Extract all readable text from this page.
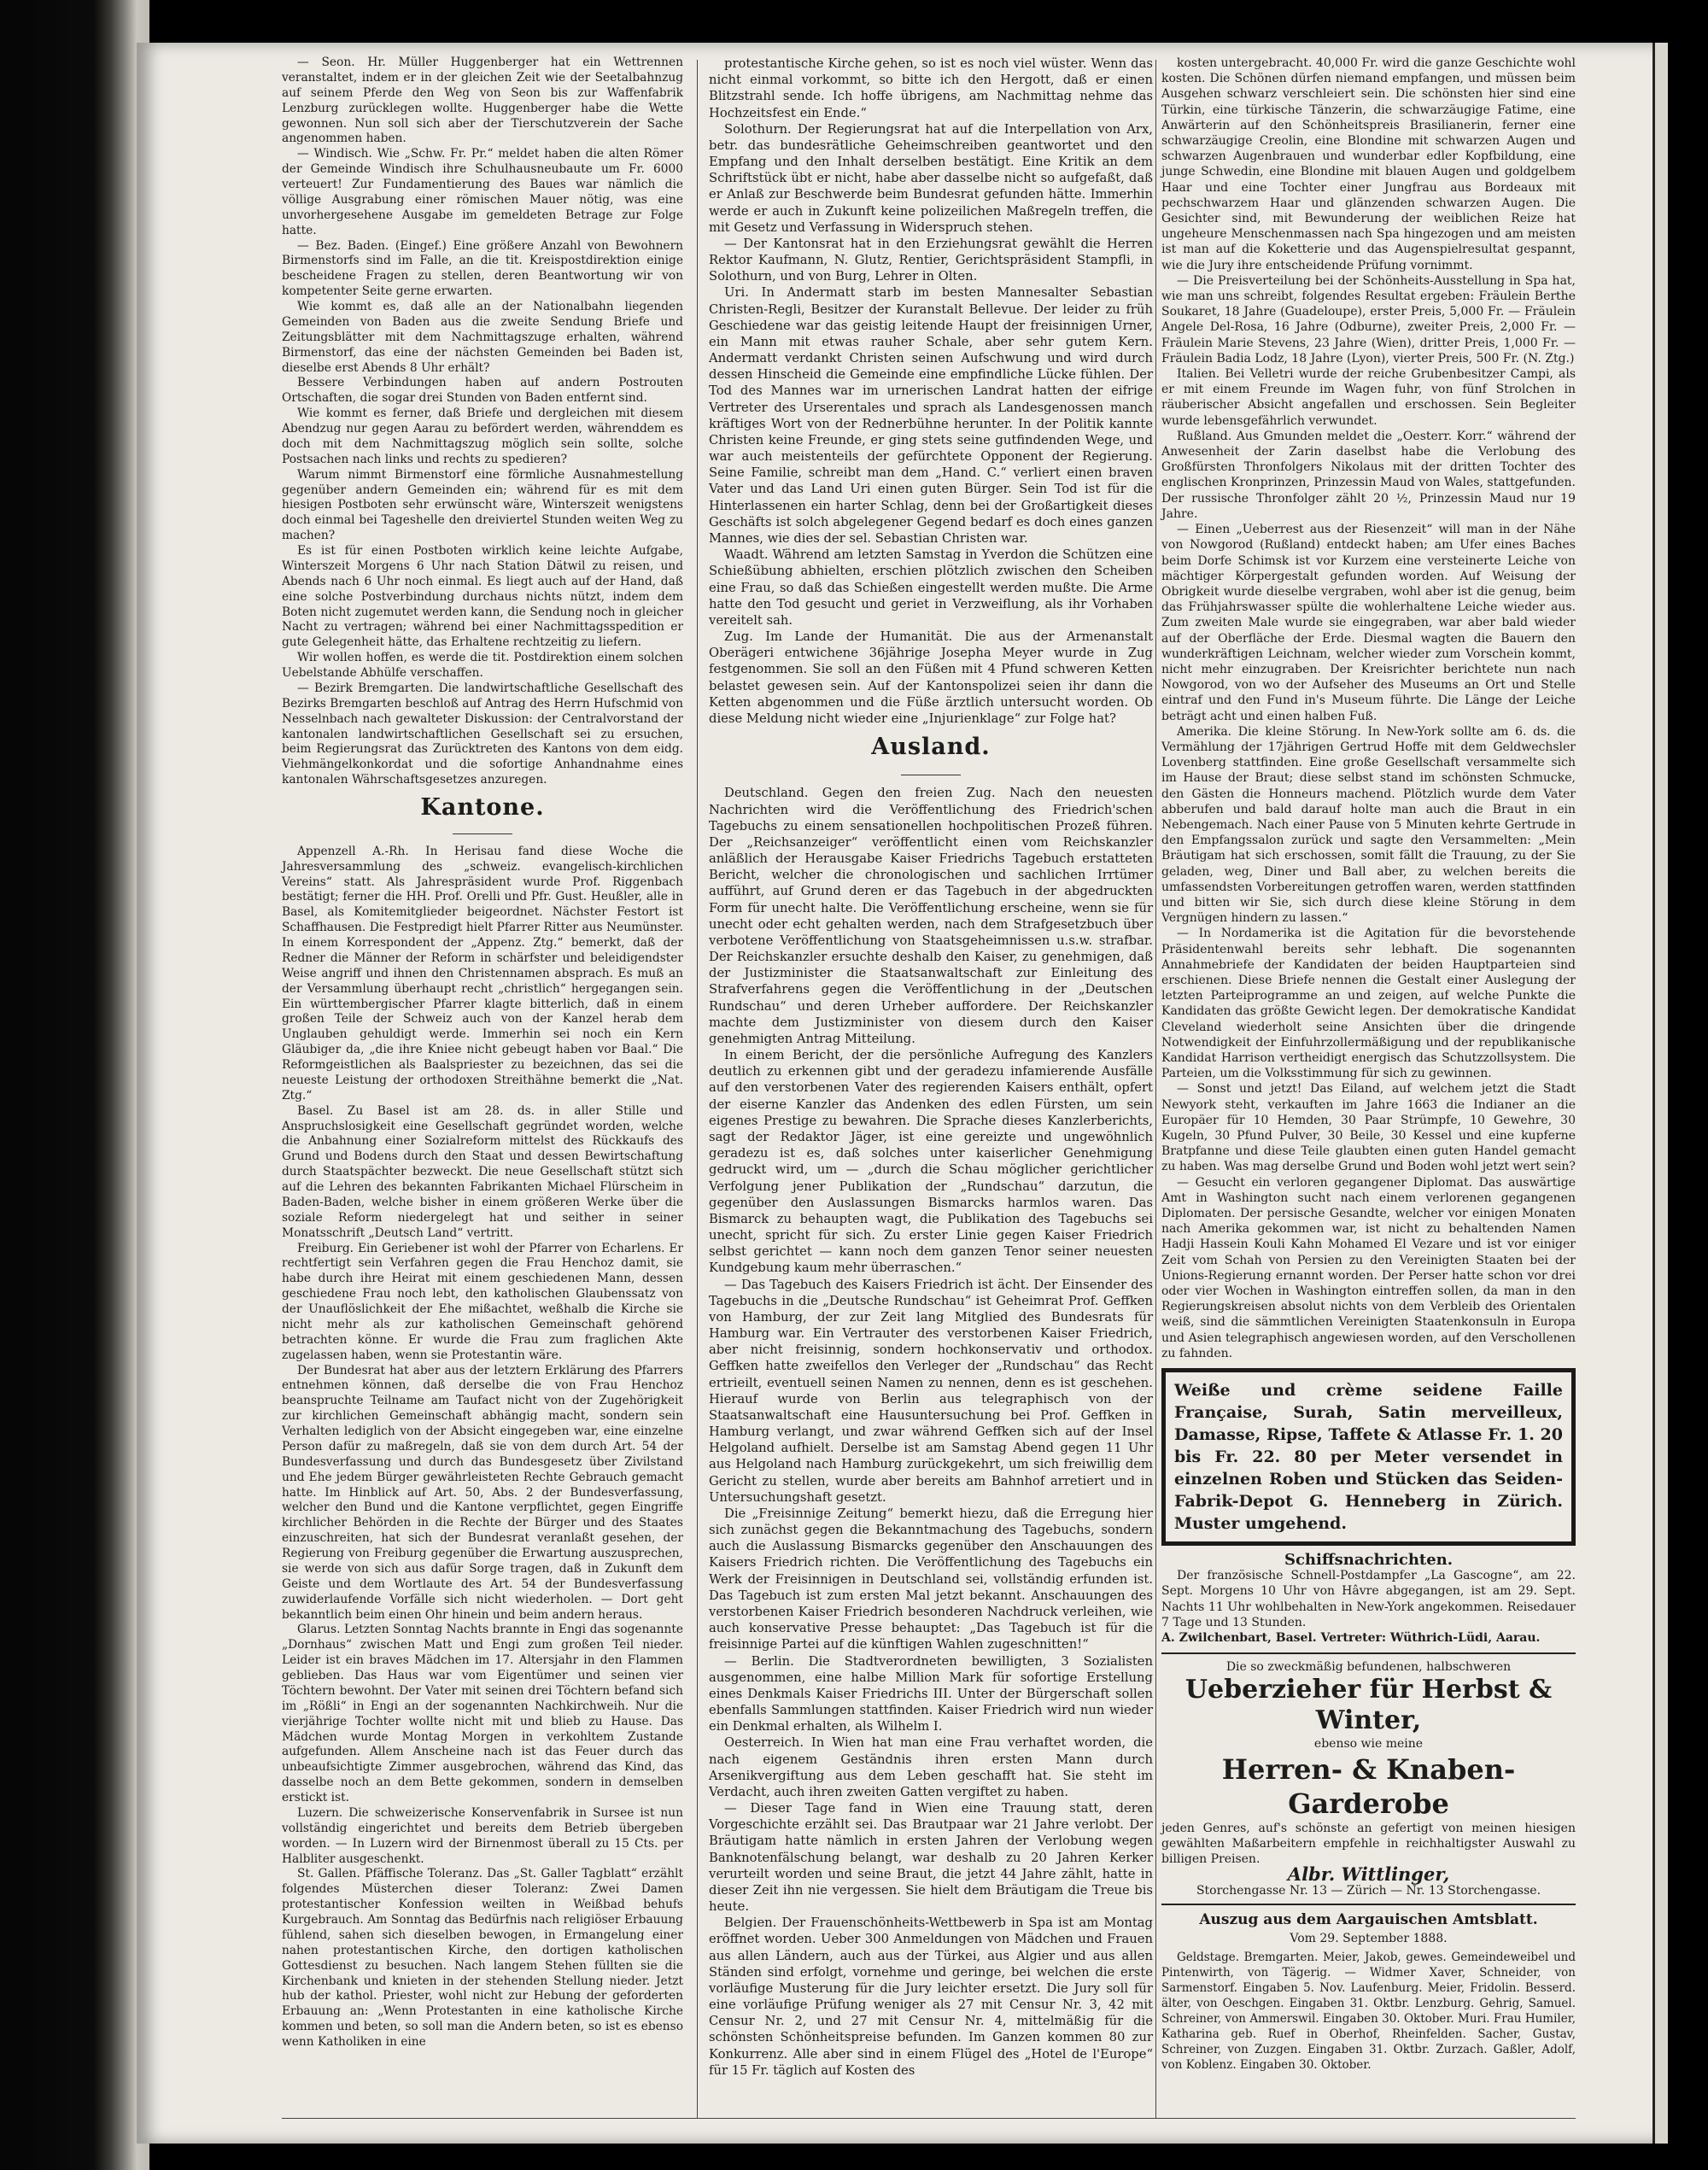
— Seon. Hr. Müller Huggenberger hat ein Wettrennen veranstaltet, indem er in der gleichen Zeit wie der Seetalbahnzug auf seinem Pferde den Weg von Seon bis zur Waffenfabrik Lenzburg zurücklegen wollte. Huggenberger habe die Wette gewonnen. Nun soll sich aber der Tierschutzverein der Sache angenommen haben.

— Windisch. Wie „Schw. Fr. Pr.“ meldet haben die alten Römer der Gemeinde Windisch ihre Schulhausneubaute um Fr. 6000 verteuert! Zur Fundamentierung des Baues war nämlich die völlige Ausgrabung einer römischen Mauer nötig, was eine unvorhergesehene Ausgabe im gemeldeten Betrage zur Folge hatte.

— Bez. Baden. (Eingef.) Eine größere Anzahl von Bewohnern Birmenstorfs sind im Falle, an die tit. Kreispostdirektion einige bescheidene Fragen zu stellen, deren Beantwortung wir von kompetenter Seite gerne erwarten.

Wie kommt es, daß alle an der Nationalbahn liegenden Gemeinden von Baden aus die zweite Sendung Briefe und Zeitungsblätter mit dem Nachmittagszuge erhalten, während Birmenstorf, das eine der nächsten Gemeinden bei Baden ist, dieselbe erst Abends 8 Uhr erhält?

Bessere Verbindungen haben auf andern Postrouten Ortschaften, die sogar drei Stunden von Baden entfernt sind.

Wie kommt es ferner, daß Briefe und dergleichen mit diesem Abendzug nur gegen Aarau zu befördert werden, währenddem es doch mit dem Nachmittagszug möglich sein sollte, solche Postsachen nach links und rechts zu spedieren?

Warum nimmt Birmenstorf eine förmliche Ausnahmestellung gegenüber andern Gemeinden ein; während für es mit dem hiesigen Postboten sehr erwünscht wäre, Winterszeit wenigstens doch einmal bei Tageshelle den dreiviertel Stunden weiten Weg zu machen?

Es ist für einen Postboten wirklich keine leichte Aufgabe, Winterszeit Morgens 6 Uhr nach Station Dätwil zu reisen, und Abends nach 6 Uhr noch einmal. Es liegt auch auf der Hand, daß eine solche Postverbindung durchaus nichts nützt, indem dem Boten nicht zugemutet werden kann, die Sendung noch in gleicher Nacht zu vertragen; während bei einer Nachmittagsspedition er gute Gelegenheit hätte, das Erhaltene rechtzeitig zu liefern.

Wir wollen hoffen, es werde die tit. Postdirektion einem solchen Uebelstande Abhülfe verschaffen.

— Bezirk Bremgarten. Die landwirtschaftliche Gesellschaft des Bezirks Bremgarten beschloß auf Antrag des Herrn Hufschmid von Nesselnbach nach gewalteter Diskussion: der Centralvorstand der kantonalen landwirtschaftlichen Gesellschaft sei zu ersuchen, beim Regierungsrat das Zurücktreten des Kantons von dem eidg. Viehmängelkonkordat und die sofortige Anhandnahme eines kantonalen Währschaftsgesetzes anzuregen.

Kantone.

Appenzell A.-Rh. In Herisau fand diese Woche die Jahresversammlung des „schweiz. evangelisch-kirchlichen Vereins“ statt. Als Jahrespräsident wurde Prof. Riggenbach bestätigt; ferner die HH. Prof. Orelli und Pfr. Gust. Heußler, alle in Basel, als Komitemitglieder beigeordnet. Nächster Festort ist Schaffhausen. Die Festpredigt hielt Pfarrer Ritter aus Neumünster. In einem Korrespondent der „Appenz. Ztg.“ bemerkt, daß der Redner die Männer der Reform in schärfster und beleidigendster Weise angriff und ihnen den Christennamen absprach. Es muß an der Versammlung überhaupt recht „christlich“ hergegangen sein. Ein württembergischer Pfarrer klagte bitterlich, daß in einem großen Teile der Schweiz auch von der Kanzel herab dem Unglauben gehuldigt werde. Immerhin sei noch ein Kern Gläubiger da, „die ihre Kniee nicht gebeugt haben vor Baal.“ Die Reformgeistlichen als Baalspriester zu bezeichnen, das sei die neueste Leistung der orthodoxen Streithähne bemerkt die „Nat. Ztg.“

Basel. Zu Basel ist am 28. ds. in aller Stille und Anspruchslosigkeit eine Gesellschaft gegründet worden, welche die Anbahnung einer Sozialreform mittelst des Rückkaufs des Grund und Bodens durch den Staat und dessen Bewirtschaftung durch Staatspächter bezweckt. Die neue Gesellschaft stützt sich auf die Lehren des bekannten Fabrikanten Michael Flürscheim in Baden-Baden, welche bisher in einem größeren Werke über die soziale Reform niedergelegt hat und seither in seiner Monatsschrift „Deutsch Land“ vertritt.

Freiburg. Ein Geriebener ist wohl der Pfarrer von Echarlens. Er rechtfertigt sein Verfahren gegen die Frau Henchoz damit, sie habe durch ihre Heirat mit einem geschiedenen Mann, dessen geschiedene Frau noch lebt, den katholischen Glaubenssatz von der Unauflöslichkeit der Ehe mißachtet, weßhalb die Kirche sie nicht mehr als zur katholischen Gemeinschaft gehörend betrachten könne. Er wurde die Frau zum fraglichen Akte zugelassen haben, wenn sie Protestantin wäre.

Der Bundesrat hat aber aus der letztern Erklärung des Pfarrers entnehmen können, daß derselbe die von Frau Henchoz beanspruchte Teilname am Taufact nicht von der Zugehörigkeit zur kirchlichen Gemeinschaft abhängig macht, sondern sein Verhalten lediglich von der Absicht eingegeben war, eine einzelne Person dafür zu maßregeln, daß sie von dem durch Art. 54 der Bundesverfassung und durch das Bundesgesetz über Zivilstand und Ehe jedem Bürger gewährleisteten Rechte Gebrauch gemacht hatte. Im Hinblick auf Art. 50, Abs. 2 der Bundesverfassung, welcher den Bund und die Kantone verpflichtet, gegen Eingriffe kirchlicher Behörden in die Rechte der Bürger und des Staates einzuschreiten, hat sich der Bundesrat veranlaßt gesehen, der Regierung von Freiburg gegenüber die Erwartung auszusprechen, sie werde von sich aus dafür Sorge tragen, daß in Zukunft dem Geiste und dem Wortlaute des Art. 54 der Bundesverfassung zuwiderlaufende Vorfälle sich nicht wiederholen. — Dort geht bekanntlich beim einen Ohr hinein und beim andern heraus.

Glarus. Letzten Sonntag Nachts brannte in Engi das sogenannte „Dornhaus“ zwischen Matt und Engi zum großen Teil nieder. Leider ist ein braves Mädchen im 17. Altersjahr in den Flammen geblieben. Das Haus war vom Eigentümer und seinen vier Töchtern bewohnt. Der Vater mit seinen drei Töchtern befand sich im „Rößli“ in Engi an der sogenannten Nachkirchweih. Nur die vierjährige Tochter wollte nicht mit und blieb zu Hause. Das Mädchen wurde Montag Morgen in verkohltem Zustande aufgefunden. Allem Anscheine nach ist das Feuer durch das unbeaufsichtigte Zimmer ausgebrochen, während das Kind, das dasselbe noch an dem Bette gekommen, sondern in demselben erstickt ist.

Luzern. Die schweizerische Konservenfabrik in Sursee ist nun vollständig eingerichtet und bereits dem Betrieb übergeben worden. — In Luzern wird der Birnenmost überall zu 15 Cts. per Halbliter ausgeschenkt.

St. Gallen. Pfäffische Toleranz. Das „St. Galler Tagblatt“ erzählt folgendes Müsterchen dieser Toleranz: Zwei Damen protestantischer Konfession weilten in Weißbad behufs Kurgebrauch. Am Sonntag das Bedürfnis nach religiöser Erbauung fühlend, sahen sich dieselben bewogen, in Ermangelung einer nahen protestantischen Kirche, den dortigen katholischen Gottesdienst zu besuchen. Nach langem Stehen füllten sie die Kirchenbank und knieten in der stehenden Stellung nieder. Jetzt hub der kathol. Priester, wohl nicht zur Hebung der geforderten Erbauung an: „Wenn Protestanten in eine katholische Kirche kommen und beten, so soll man die Andern beten, so ist es ebenso wenn Katholiken in eine

protestantische Kirche gehen, so ist es noch viel wüster. Wenn das nicht einmal vorkommt, so bitte ich den Hergott, daß er einen Blitzstrahl sende. Ich hoffe übrigens, am Nachmittag nehme das Hochzeitsfest ein Ende.“

Solothurn. Der Regierungsrat hat auf die Interpellation von Arx, betr. das bundesrätliche Geheimschreiben geantwortet und den Empfang und den Inhalt derselben bestätigt. Eine Kritik an dem Schriftstück übt er nicht, habe aber dasselbe nicht so aufgefaßt, daß er Anlaß zur Beschwerde beim Bundesrat gefunden hätte. Immerhin werde er auch in Zukunft keine polizeilichen Maßregeln treffen, die mit Gesetz und Verfassung in Widerspruch stehen.

— Der Kantonsrat hat in den Erziehungsrat gewählt die Herren Rektor Kaufmann, N. Glutz, Rentier, Gerichtspräsident Stampfli, in Solothurn, und von Burg, Lehrer in Olten.

Uri. In Andermatt starb im besten Mannesalter Sebastian Christen-Regli, Besitzer der Kuranstalt Bellevue. Der leider zu früh Geschiedene war das geistig leitende Haupt der freisinnigen Urner, ein Mann mit etwas rauher Schale, aber sehr gutem Kern. Andermatt verdankt Christen seinen Aufschwung und wird durch dessen Hinscheid die Gemeinde eine empfindliche Lücke fühlen. Der Tod des Mannes war im urnerischen Landrat hatten der eifrige Vertreter des Urserentales und sprach als Landesgenossen manch kräftiges Wort von der Rednerbühne herunter. In der Politik kannte Christen keine Freunde, er ging stets seine gutfindenden Wege, und war auch meistenteils der gefürchtete Opponent der Regierung. Seine Familie, schreibt man dem „Hand. C.“ verliert einen braven Vater und das Land Uri einen guten Bürger. Sein Tod ist für die Hinterlassenen ein harter Schlag, denn bei der Großartigkeit dieses Geschäfts ist solch abgelegener Gegend bedarf es doch eines ganzen Mannes, wie dies der sel. Sebastian Christen war.

Waadt. Während am letzten Samstag in Yverdon die Schützen eine Schießübung abhielten, erschien plötzlich zwischen den Scheiben eine Frau, so daß das Schießen eingestellt werden mußte. Die Arme hatte den Tod gesucht und geriet in Verzweiflung, als ihr Vorhaben vereitelt sah.

Zug. Im Lande der Humanität. Die aus der Armenanstalt Oberägeri entwichene 36jährige Josepha Meyer wurde in Zug festgenommen. Sie soll an den Füßen mit 4 Pfund schweren Ketten belastet gewesen sein. Auf der Kantonspolizei seien ihr dann die Ketten abgenommen und die Füße ärztlich untersucht worden. Ob diese Meldung nicht wieder eine „Injurienklage“ zur Folge hat?

Ausland.

Deutschland. Gegen den freien Zug. Nach den neuesten Nachrichten wird die Veröffentlichung des Friedrich'schen Tagebuchs zu einem sensationellen hochpolitischen Prozeß führen. Der „Reichsanzeiger“ veröffentlicht einen vom Reichskanzler anläßlich der Herausgabe Kaiser Friedrichs Tagebuch erstatteten Bericht, welcher die chronologischen und sachlichen Irrtümer aufführt, auf Grund deren er das Tagebuch in der abgedruckten Form für unecht halte. Die Veröffentlichung erscheine, wenn sie für unecht oder echt gehalten werden, nach dem Strafgesetzbuch über verbotene Veröffentlichung von Staatsgeheimnissen u.s.w. strafbar. Der Reichskanzler ersuchte deshalb den Kaiser, zu genehmigen, daß der Justizminister die Staatsanwaltschaft zur Einleitung des Strafverfahrens gegen die Veröffentlichung in der „Deutschen Rundschau“ und deren Urheber auffordere. Der Reichskanzler machte dem Justizminister von diesem durch den Kaiser genehmigten Antrag Mitteilung.

In einem Bericht, der die persönliche Aufregung des Kanzlers deutlich zu erkennen gibt und der geradezu infamierende Ausfälle auf den verstorbenen Vater des regierenden Kaisers enthält, opfert der eiserne Kanzler das Andenken des edlen Fürsten, um sein eigenes Prestige zu bewahren. Die Sprache dieses Kanzlerberichts, sagt der Redaktor Jäger, ist eine gereizte und ungewöhnlich geradezu ist es, daß solches unter kaiserlicher Genehmigung gedruckt wird, um — „durch die Schau möglicher gerichtlicher Verfolgung jener Publikation der „Rundschau“ darzutun, die gegenüber den Auslassungen Bismarcks harmlos waren. Das Bismarck zu behaupten wagt, die Publikation des Tagebuchs sei unecht, spricht für sich. Zu erster Linie gegen Kaiser Friedrich selbst gerichtet — kann noch dem ganzen Tenor seiner neuesten Kundgebung kaum mehr überraschen.“

— Das Tagebuch des Kaisers Friedrich ist ächt. Der Einsender des Tagebuchs in die „Deutsche Rundschau“ ist Geheimrat Prof. Geffken von Hamburg, der zur Zeit lang Mitglied des Bundesrats für Hamburg war. Ein Vertrauter des verstorbenen Kaiser Friedrich, aber nicht freisinnig, sondern hochkonservativ und orthodox. Geffken hatte zweifellos den Verleger der „Rundschau“ das Recht ertrieilt, eventuell seinen Namen zu nennen, denn es ist geschehen. Hierauf wurde von Berlin aus telegraphisch von der Staatsanwaltschaft eine Hausuntersuchung bei Prof. Geffken in Hamburg verlangt, und zwar während Geffken sich auf der Insel Helgoland aufhielt. Derselbe ist am Samstag Abend gegen 11 Uhr aus Helgoland nach Hamburg zurückgekehrt, um sich freiwillig dem Gericht zu stellen, wurde aber bereits am Bahnhof arretiert und in Untersuchungshaft gesetzt.

Die „Freisinnige Zeitung“ bemerkt hiezu, daß die Erregung hier sich zunächst gegen die Bekanntmachung des Tagebuchs, sondern auch die Auslassung Bismarcks gegenüber den Anschauungen des Kaisers Friedrich richten. Die Veröffentlichung des Tagebuchs ein Werk der Freisinnigen in Deutschland sei, vollständig erfunden ist. Das Tagebuch ist zum ersten Mal jetzt bekannt. Anschauungen des verstorbenen Kaiser Friedrich besonderen Nachdruck verleihen, wie auch konservative Presse behauptet: „Das Tagebuch ist für die freisinnige Partei auf die künftigen Wahlen zugeschnitten!“

— Berlin. Die Stadtverordneten bewilligten, 3 Sozialisten ausgenommen, eine halbe Million Mark für sofortige Erstellung eines Denkmals Kaiser Friedrichs III. Unter der Bürgerschaft sollen ebenfalls Sammlungen stattfinden. Kaiser Friedrich wird nun wieder ein Denkmal erhalten, als Wilhelm I.

Oesterreich. In Wien hat man eine Frau verhaftet worden, die nach eigenem Geständnis ihren ersten Mann durch Arsenikvergiftung aus dem Leben geschafft hat. Sie steht im Verdacht, auch ihren zweiten Gatten vergiftet zu haben.

— Dieser Tage fand in Wien eine Trauung statt, deren Vorgeschichte erzählt sei. Das Brautpaar war 21 Jahre verlobt. Der Bräutigam hatte nämlich in ersten Jahren der Verlobung wegen Banknotenfälschung belangt, war deshalb zu 20 Jahren Kerker verurteilt worden und seine Braut, die jetzt 44 Jahre zählt, hatte in dieser Zeit ihn nie vergessen. Sie hielt dem Bräutigam die Treue bis heute.

Belgien. Der Frauenschönheits-Wettbewerb in Spa ist am Montag eröffnet worden. Ueber 300 Anmeldungen von Mädchen und Frauen aus allen Ländern, auch aus der Türkei, aus Algier und aus allen Ständen sind erfolgt, vornehme und geringe, bei welchen die erste vorläufige Musterung für die Jury leichter ersetzt. Die Jury soll für eine vorläufige Prüfung weniger als 27 mit Censur Nr. 3, 42 mit Censur Nr. 2, und 27 mit Censur Nr. 4, mittelmäßig für die schönsten Schönheitspreise befunden. Im Ganzen kommen 80 zur Konkurrenz. Alle aber sind in einem Flügel des „Hotel de l'Europe“ für 15 Fr. täglich auf Kosten des

kosten untergebracht. 40,000 Fr. wird die ganze Geschichte wohl kosten. Die Schönen dürfen niemand empfangen, und müssen beim Ausgehen schwarz verschleiert sein. Die schönsten hier sind eine Türkin, eine türkische Tänzerin, die schwarzäugige Fatime, eine Anwärterin auf den Schönheitspreis Brasilianerin, ferner eine schwarzäugige Creolin, eine Blondine mit schwarzen Augen und schwarzen Augenbrauen und wunderbar edler Kopfbildung, eine junge Schwedin, eine Blondine mit blauen Augen und goldgelbem Haar und eine Tochter einer Jungfrau aus Bordeaux mit pechschwarzem Haar und glänzenden schwarzen Augen. Die Gesichter sind, mit Bewunderung der weiblichen Reize hat ungeheure Menschenmassen nach Spa hingezogen und am meisten ist man auf die Koketterie und das Augenspielresultat gespannt, wie die Jury ihre entscheidende Prüfung vornimmt.

— Die Preisverteilung bei der Schönheits-Ausstellung in Spa hat, wie man uns schreibt, folgendes Resultat ergeben: Fräulein Berthe Soukaret, 18 Jahre (Guadeloupe), erster Preis, 5,000 Fr. — Fräulein Angele Del-Rosa, 16 Jahre (Odburne), zweiter Preis, 2,000 Fr. — Fräulein Marie Stevens, 23 Jahre (Wien), dritter Preis, 1,000 Fr. — Fräulein Badia Lodz, 18 Jahre (Lyon), vierter Preis, 500 Fr. (N. Ztg.)

Italien. Bei Velletri wurde der reiche Grubenbesitzer Campi, als er mit einem Freunde im Wagen fuhr, von fünf Strolchen in räuberischer Absicht angefallen und erschossen. Sein Begleiter wurde lebensgefährlich verwundet.

Rußland. Aus Gmunden meldet die „Oesterr. Korr.“ während der Anwesenheit der Zarin daselbst habe die Verlobung des Großfürsten Thronfolgers Nikolaus mit der dritten Tochter des englischen Kronprinzen, Prinzessin Maud von Wales, stattgefunden. Der russische Thronfolger zählt 20 ½, Prinzessin Maud nur 19 Jahre.

— Einen „Ueberrest aus der Riesenzeit“ will man in der Nähe von Nowgorod (Rußland) entdeckt haben; am Ufer eines Baches beim Dorfe Schimsk ist vor Kurzem eine versteinerte Leiche von mächtiger Körpergestalt gefunden worden. Auf Weisung der Obrigkeit wurde dieselbe vergraben, wohl aber ist die genug, beim das Frühjahrswasser spülte die wohlerhaltene Leiche wieder aus. Zum zweiten Male wurde sie eingegraben, war aber bald wieder auf der Oberfläche der Erde. Diesmal wagten die Bauern den wunderkräftigen Leichnam, welcher wieder zum Vorschein kommt, nicht mehr einzugraben. Der Kreisrichter berichtete nun nach Nowgorod, von wo der Aufseher des Museums an Ort und Stelle eintraf und den Fund in's Museum führte. Die Länge der Leiche beträgt acht und einen halben Fuß.

Amerika. Die kleine Störung. In New-York sollte am 6. ds. die Vermählung der 17jährigen Gertrud Hoffe mit dem Geldwechsler Lovenberg stattfinden. Eine große Gesellschaft versammelte sich im Hause der Braut; diese selbst stand im schönsten Schmucke, den Gästen die Honneurs machend. Plötzlich wurde dem Vater abberufen und bald darauf holte man auch die Braut in ein Nebengemach. Nach einer Pause von 5 Minuten kehrte Gertrude in den Empfangssalon zurück und sagte den Versammelten: „Mein Bräutigam hat sich erschossen, somit fällt die Trauung, zu der Sie geladen, weg, Diner und Ball aber, zu welchen bereits die umfassendsten Vorbereitungen getroffen waren, werden stattfinden und bitten wir Sie, sich durch diese kleine Störung in dem Vergnügen hindern zu lassen.“

— In Nordamerika ist die Agitation für die bevorstehende Präsidentenwahl bereits sehr lebhaft. Die sogenannten Annahmebriefe der Kandidaten der beiden Hauptparteien sind erschienen. Diese Briefe nennen die Gestalt einer Auslegung der letzten Parteiprogramme an und zeigen, auf welche Punkte die Kandidaten das größte Gewicht legen. Der demokratische Kandidat Cleveland wiederholt seine Ansichten über die dringende Notwendigkeit der Einfuhrzollermäßigung und der republikanische Kandidat Harrison vertheidigt energisch das Schutzzollsystem. Die Parteien, um die Volksstimmung für sich zu gewinnen.

— Sonst und jetzt! Das Eiland, auf welchem jetzt die Stadt Newyork steht, verkauften im Jahre 1663 die Indianer an die Europäer für 10 Hemden, 30 Paar Strümpfe, 10 Gewehre, 30 Kugeln, 30 Pfund Pulver, 30 Beile, 30 Kessel und eine kupferne Bratpfanne und diese Teile glaubten einen guten Handel gemacht zu haben. Was mag derselbe Grund und Boden wohl jetzt wert sein?

— Gesucht ein verloren gegangener Diplomat. Das auswärtige Amt in Washington sucht nach einem verlorenen gegangenen Diplomaten. Der persische Gesandte, welcher vor einigen Monaten nach Amerika gekommen war, ist nicht zu behaltenden Namen Hadji Hassein Kouli Kahn Mohamed El Vezare und ist vor einiger Zeit vom Schah von Persien zu den Vereinigten Staaten bei der Unions-Regierung ernannt worden. Der Perser hatte schon vor drei oder vier Wochen in Washington eintreffen sollen, da man in den Regierungskreisen absolut nichts von dem Verbleib des Orientalen weiß, sind die sämmtlichen Vereinigten Staatenkonsuln in Europa und Asien telegraphisch angewiesen worden, auf den Verschollenen zu fahnden.

Weiße und crème seidene Faille Française, Surah, Satin merveilleux, Damasse, Ripse, Taffete & Atlasse Fr. 1. 20 bis Fr. 22. 80 per Meter versendet in einzelnen Roben und Stücken das Seiden-Fabrik-Depot G. Henneberg in Zürich. Muster umgehend.
Schiffsnachrichten.

Der französische Schnell-Postdampfer „La Gascogne“, am 22. Sept. Morgens 10 Uhr von Hâvre abgegangen, ist am 29. Sept. Nachts 11 Uhr wohlbehalten in New-York angekommen. Reisedauer 7 Tage und 13 Stunden.

A. Zwilchenbart, Basel. Vertreter: Wüthrich-Lüdi, Aarau.

Die so zweckmäßig befundenen, halbschweren
Ueberzieher für Herbst & Winter,
ebenso wie meine
Herren- & Knaben-Garderobe
jeden Genres, auf's schönste an gefertigt von meinen hiesigen gewählten Maßarbeitern empfehle in reichhaltigster Auswahl zu billigen Preisen.
Albr. Wittlinger,
Storchengasse Nr. 13 — Zürich — Nr. 13 Storchengasse.
Auszug aus dem Aargauischen Amtsblatt.
Vom 29. September 1888.

Geldstage. Bremgarten. Meier, Jakob, gewes. Gemeindeweibel und Pintenwirth, von Tägerig. — Widmer Xaver, Schneider, von Sarmenstorf. Eingaben 5. Nov. Laufenburg. Meier, Fridolin. Besserd. älter, von Oeschgen. Eingaben 31. Oktbr. Lenzburg. Gehrig, Samuel. Schreiner, von Ammerswil. Eingaben 30. Oktober. Muri. Frau Humiler, Katharina geb. Ruef in Oberhof, Rheinfelden. Sacher, Gustav, Schreiner, von Zuzgen. Eingaben 31. Oktbr. Zurzach. Gaßler, Adolf, von Koblenz. Eingaben 30. Oktober.
